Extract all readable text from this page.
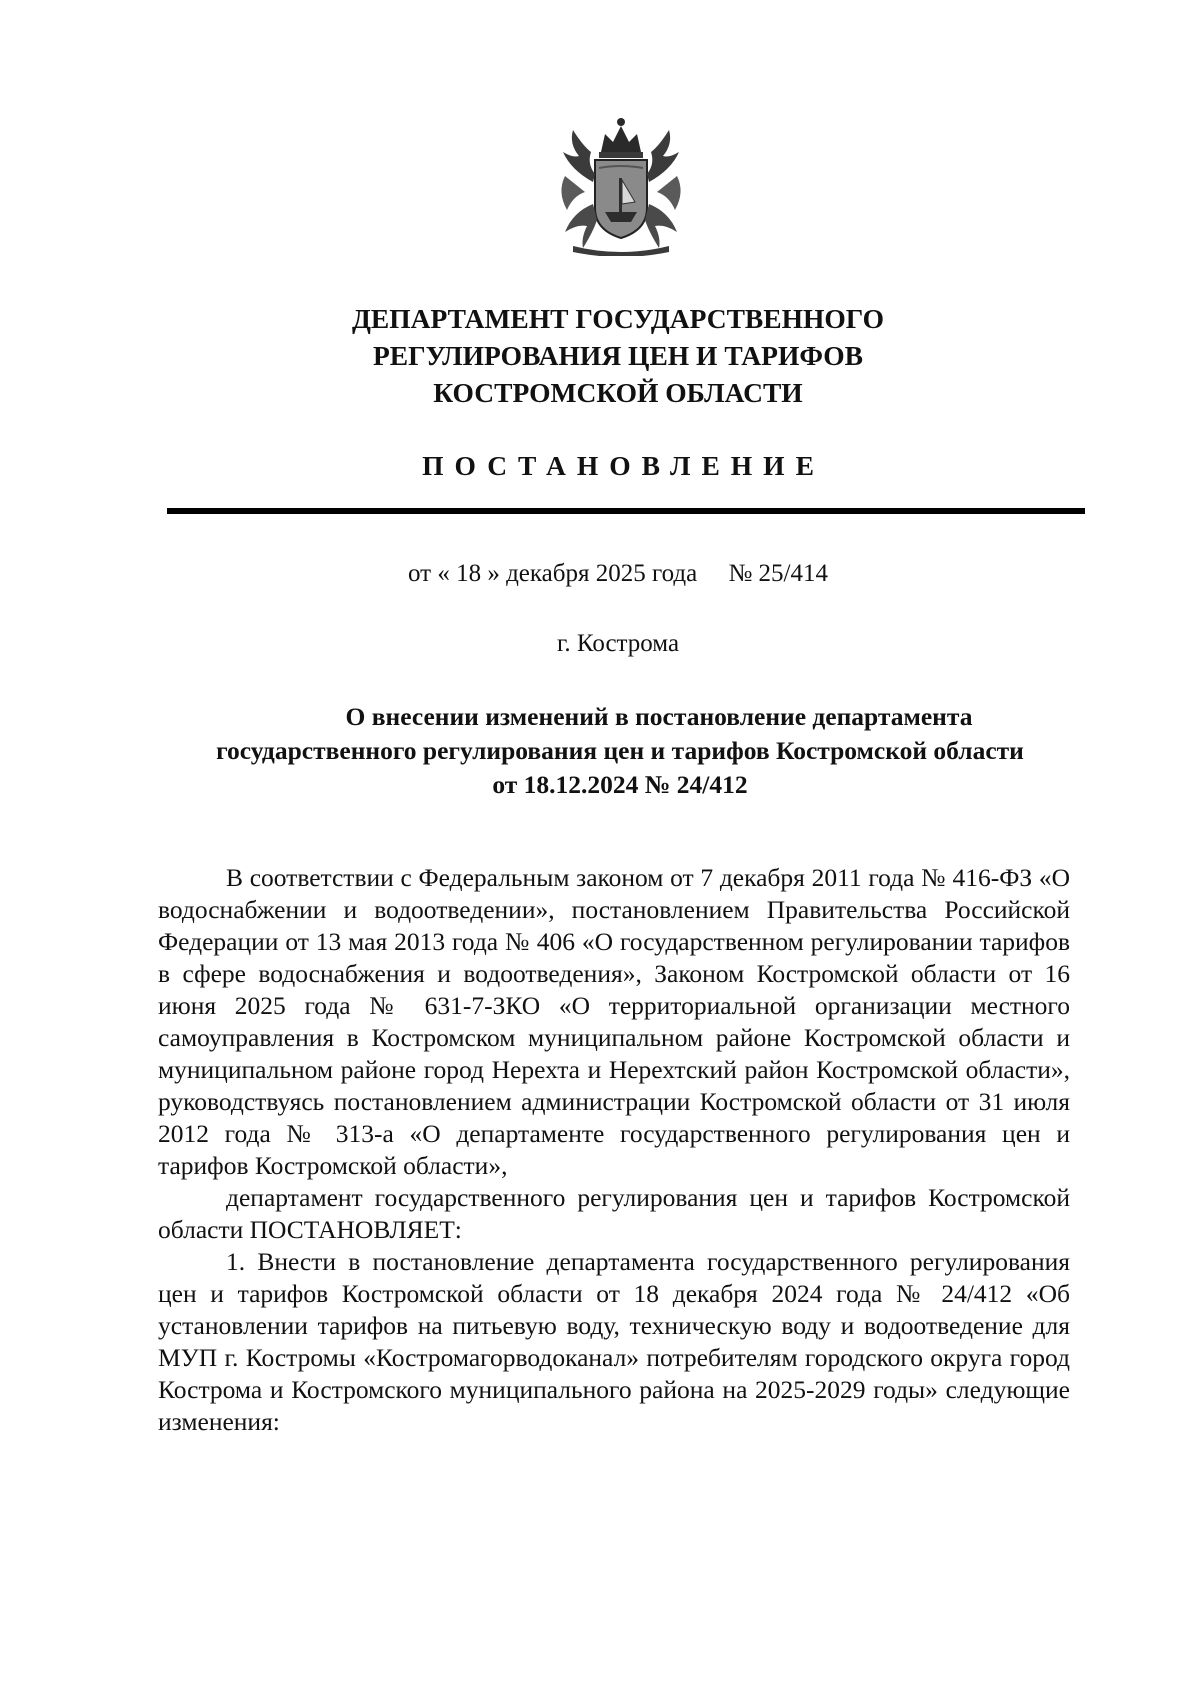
ДЕПАРТАМЕНТ ГОСУДАРСТВЕННОГО
РЕГУЛИРОВАНИЯ ЦЕН И ТАРИФОВ
КОСТРОМСКОЙ ОБЛАСТИ
ПОСТАНОВЛЕНИЕ
от « 18 » декабря 2025 года     № 25/414
г. Кострома
О внесении изменений в постановление департамента
государственного регулирования цен и тарифов Костромской области
от 18.12.2024 № 24/412
В соответствии с Федеральным законом от 7 декабря 2011 года № 416-ФЗ «О водоснабжении и водоотведении», постановлением Правительства Российской Федерации от 13 мая 2013 года № 406 «О государственном регулировании тарифов в сфере водоснабжения и водоотведения», Законом Костромской области от 16 июня 2025 года № 631-7-ЗКО «О территориальной организации местного самоуправления в Костромском муниципальном районе Костромской области и муниципальном районе город Нерехта и Нерехтский район Костромской области», руководствуясь постановлением администрации Костромской области от 31 июля 2012 года № 313-а «О департаменте государственного регулирования цен и тарифов Костромской области»,
департамент государственного регулирования цен и тарифов Костромской области ПОСТАНОВЛЯЕТ:
1. Внести в постановление департамента государственного регулирования цен и тарифов Костромской области от 18 декабря 2024 года № 24/412 «Об установлении тарифов на питьевую воду, техническую воду и водоотведение для МУП г. Костромы «Костромагорводоканал» потребителям городского округа город Кострома и Костромского муниципального района на 2025-2029 годы» следующие изменения:
